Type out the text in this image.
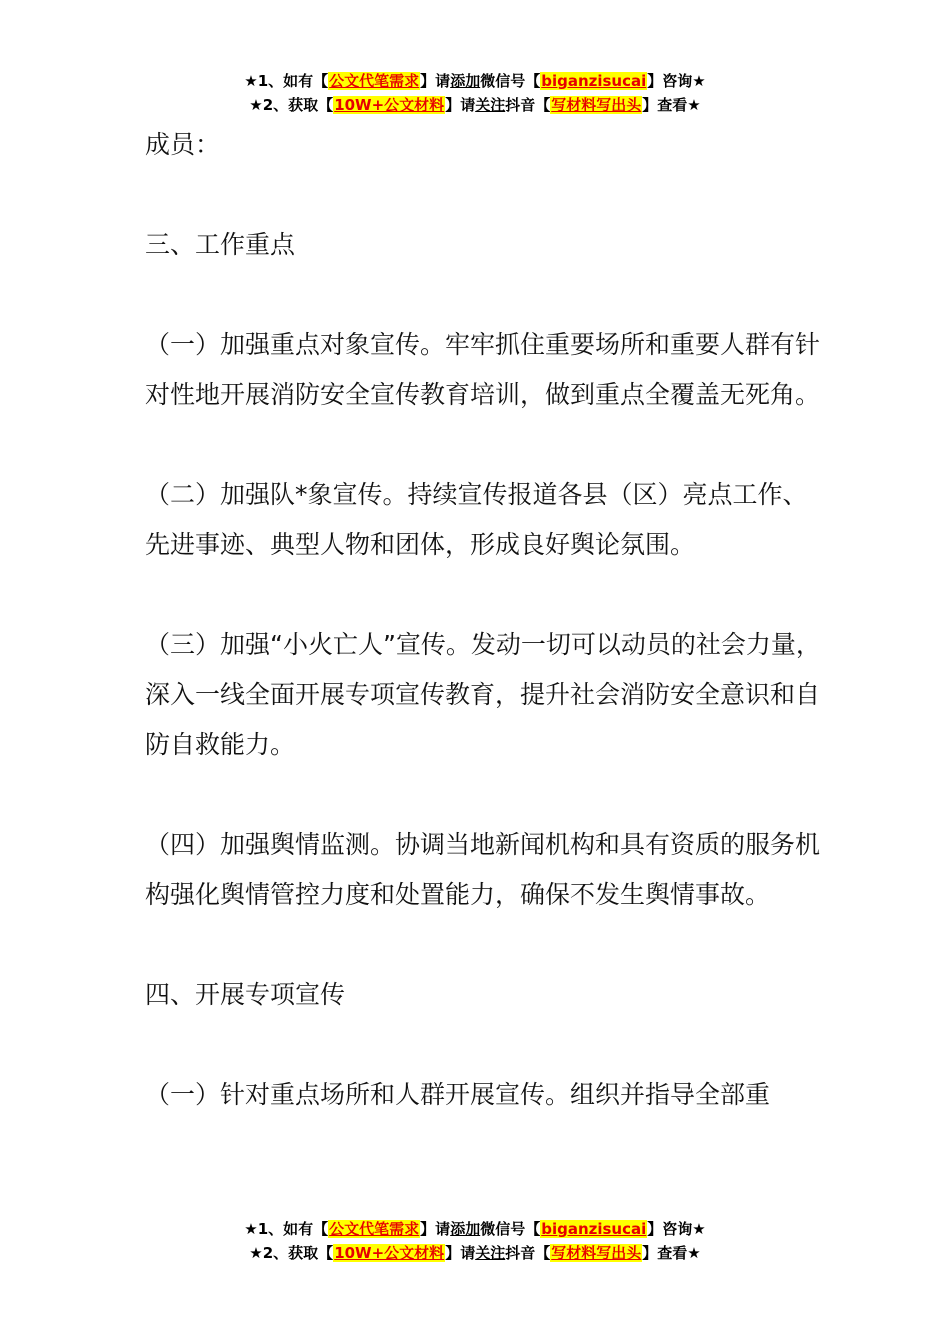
★1、如有【公文代笔需求】请添加微信号【biganzisucai】咨询★
★2、获取【10W+公文材料】请关注抖音【写材料写出头】查看★

成员：

三、工作重点

（一）加强重点对象宣传。牢牢抓住重要场所和重要人群有针对性地开展消防安全宣传教育培训，做到重点全覆盖无死角。

（二）加强队*象宣传。持续宣传报道各县（区）亮点工作、先进事迹、典型人物和团体，形成良好舆论氛围。

（三）加强“小火亡人”宣传。发动一切可以动员的社会力量，深入一线全面开展专项宣传教育，提升社会消防安全意识和自防自救能力。

（四）加强舆情监测。协调当地新闻机构和具有资质的服务机构强化舆情管控力度和处置能力，确保不发生舆情事故。

四、开展专项宣传

（一）针对重点场所和人群开展宣传。组织并指导全部重

★1、如有【公文代笔需求】请添加微信号【biganzisucai】咨询★
★2、获取【10W+公文材料】请关注抖音【写材料写出头】查看★
